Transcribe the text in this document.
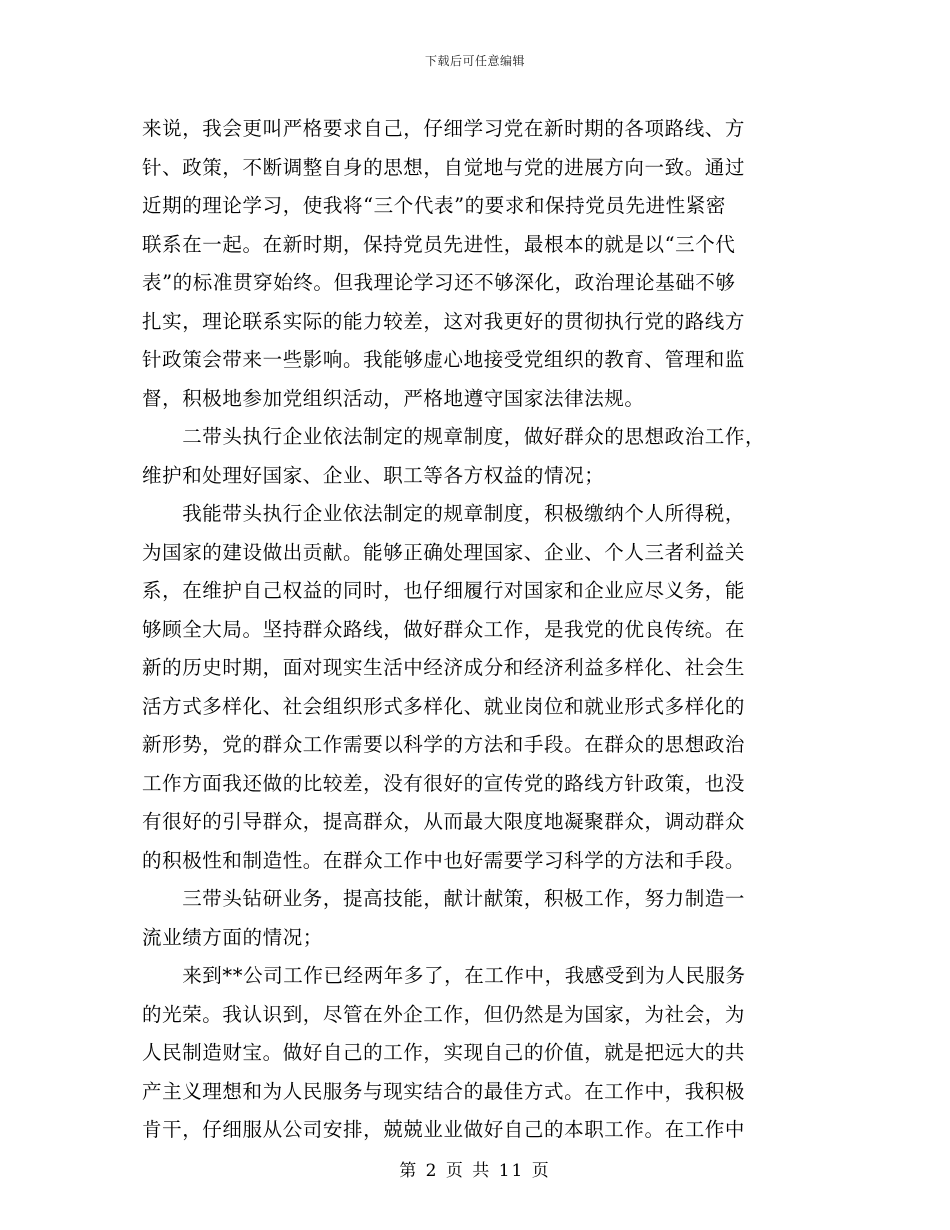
下载后可任意编辑
来说，我会更叫严格要求自己，仔细学习党在新时期的各项路线、方
针、政策，不断调整自身的思想，自觉地与党的进展方向一致。通过
近期的理论学习，使我将“三个代表”的要求和保持党员先进性紧密
联系在一起。在新时期，保持党员先进性，最根本的就是以“三个代
表”的标准贯穿始终。但我理论学习还不够深化，政治理论基础不够
扎实，理论联系实际的能力较差，这对我更好的贯彻执行党的路线方
针政策会带来一些影响。我能够虚心地接受党组织的教育、管理和监
督，积极地参加党组织活动，严格地遵守国家法律法规。
　　二带头执行企业依法制定的规章制度，做好群众的思想政治工作，
维护和处理好国家、企业、职工等各方权益的情况；
　　我能带头执行企业依法制定的规章制度，积极缴纳个人所得税，
为国家的建设做出贡献。能够正确处理国家、企业、个人三者利益关
系，在维护自己权益的同时，也仔细履行对国家和企业应尽义务，能
够顾全大局。坚持群众路线，做好群众工作，是我党的优良传统。在
新的历史时期，面对现实生活中经济成分和经济利益多样化、社会生
活方式多样化、社会组织形式多样化、就业岗位和就业形式多样化的
新形势，党的群众工作需要以科学的方法和手段。在群众的思想政治
工作方面我还做的比较差，没有很好的宣传党的路线方针政策，也没
有很好的引导群众，提高群众，从而最大限度地凝聚群众，调动群众
的积极性和制造性。在群众工作中也好需要学习科学的方法和手段。
　　三带头钻研业务，提高技能，献计献策，积极工作，努力制造一
流业绩方面的情况；
　　来到**公司工作已经两年多了，在工作中，我感受到为人民服务
的光荣。我认识到，尽管在外企工作，但仍然是为国家，为社会，为
人民制造财宝。做好自己的工作，实现自己的价值，就是把远大的共
产主义理想和为人民服务与现实结合的最佳方式。在工作中，我积极
肯干，仔细服从公司安排，兢兢业业做好自己的本职工作。在工作中
第 2 页 共 11 页
